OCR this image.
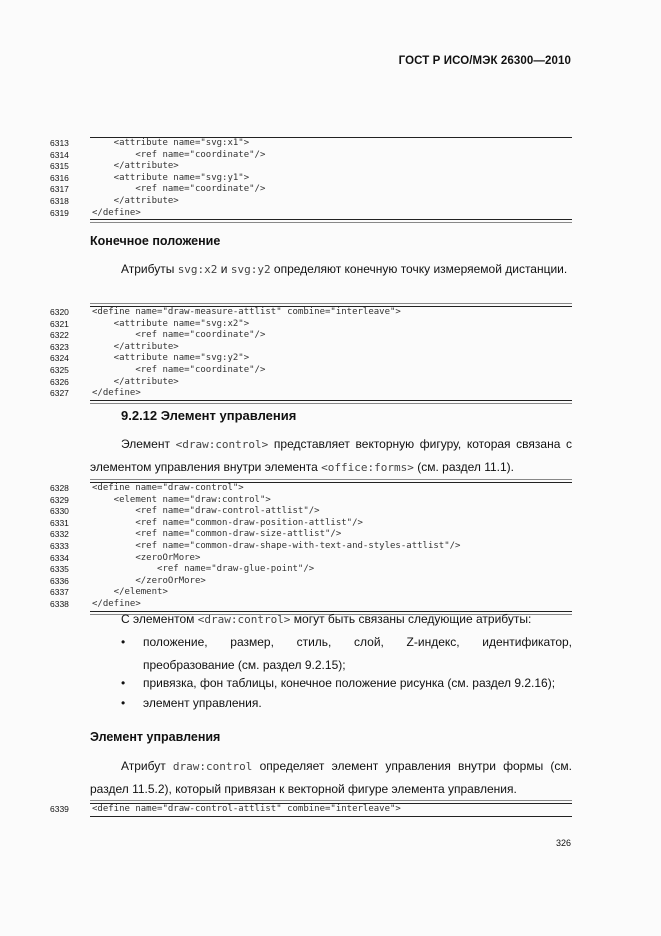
ГОСТ Р ИСО/МЭК 26300—2010
6313	<attribute name="svg:x1">
6314	<ref name="coordinate"/>
6315	</attribute>
6316	<attribute name="svg:y1">
6317	<ref name="coordinate"/>
6318	</attribute>
6319	</define>
Конечное положение
Атрибуты svg:x2 и svg:y2 определяют конечную точку измеряемой дистанции.
6320	<define name="draw-measure-attlist" combine="interleave">
6321	<attribute name="svg:x2">
6322	<ref name="coordinate"/>
6323	</attribute>
6324	<attribute name="svg:y2">
6325	<ref name="coordinate"/>
6326	</attribute>
6327	</define>
9.2.12 Элемент управления
Элемент <draw:control> представляет векторную фигуру, которая связана с элементом управления внутри элемента <office:forms> (см. раздел 11.1).
6328	<define name="draw-control">
6329	<element name="draw:control">
6330	<ref name="draw-control-attlist"/>
6331	<ref name="common-draw-position-attlist"/>
6332	<ref name="common-draw-size-attlist"/>
6333	<ref name="common-draw-shape-with-text-and-styles-attlist"/>
6334	<zeroOrMore>
6335	<ref name="draw-glue-point"/>
6336	</zeroOrMore>
6337	</element>
6338	</define>
С элементом <draw:control> могут быть связаны следующие атрибуты:
• положение, размер, стиль, слой, Z-индекс, идентификатор,
преобразование (см. раздел 9.2.15);
• привязка, фон таблицы, конечное положение рисунка (см. раздел 9.2.16);
• элемент управления.
Элемент управления
Атрибут draw:control определяет элемент управления внутри формы (см. раздел 11.5.2), который привязан к векторной фигуре элемента управления.
6339	<define name="draw-control-attlist" combine="interleave">
326
